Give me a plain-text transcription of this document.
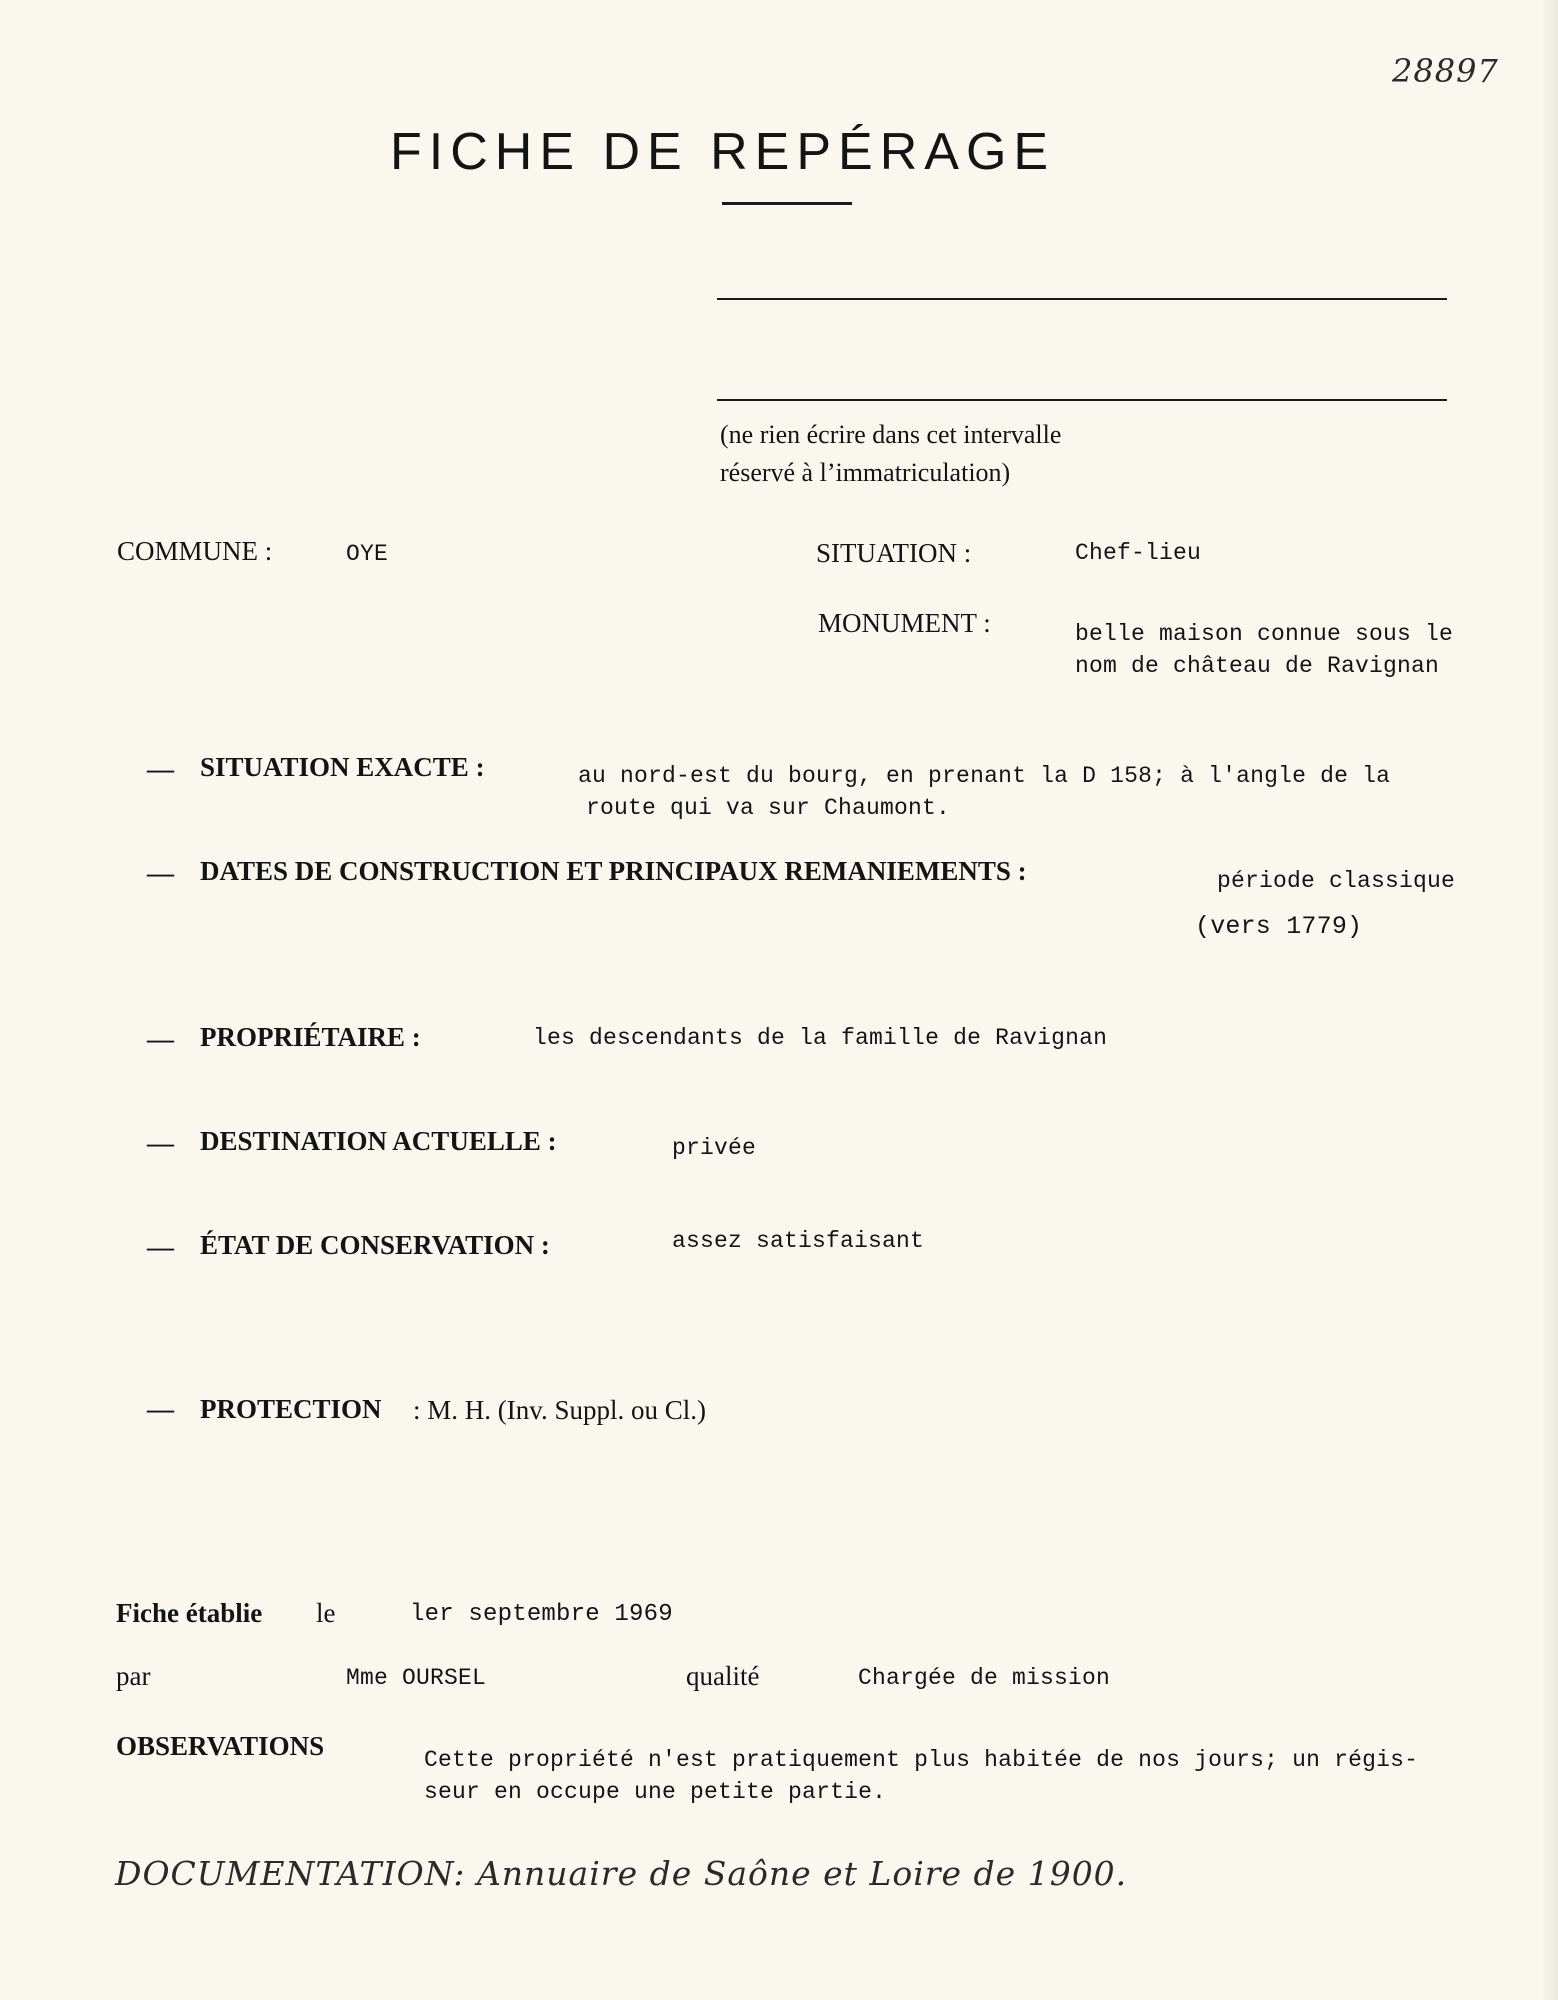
28897
FICHE DE REPÉRAGE
(ne rien écrire dans cet intervalle
réservé à l’immatriculation)
COMMUNE :	OYE	SITUATION :	Chef-lieu
MONUMENT :	belle maison connue sous le
nom de château de Ravignan
— SITUATION EXACTE :	au nord-est du bourg, en prenant la D 158; à l'angle de la
route qui va sur Chaumont.
— DATES DE CONSTRUCTION ET PRINCIPAUX REMANIEMENTS :	période classique
(vers 1779)
— PROPRIÉTAIRE :	les descendants de la famille de Ravignan
— DESTINATION ACTUELLE :	privée
— ÉTAT DE CONSERVATION :	assez satisfaisant
— PROTECTION : M. H. (Inv. Suppl. ou Cl.)
Fiche établie le	ler septembre 1969
par	Mme OURSEL	qualité	Chargée de mission
OBSERVATIONS	Cette propriété n'est pratiquement plus habitée de nos jours; un régis-
seur en occupe une petite partie.
DOCUMENTATION: Annuaire de Saône et Loire de 1900.
